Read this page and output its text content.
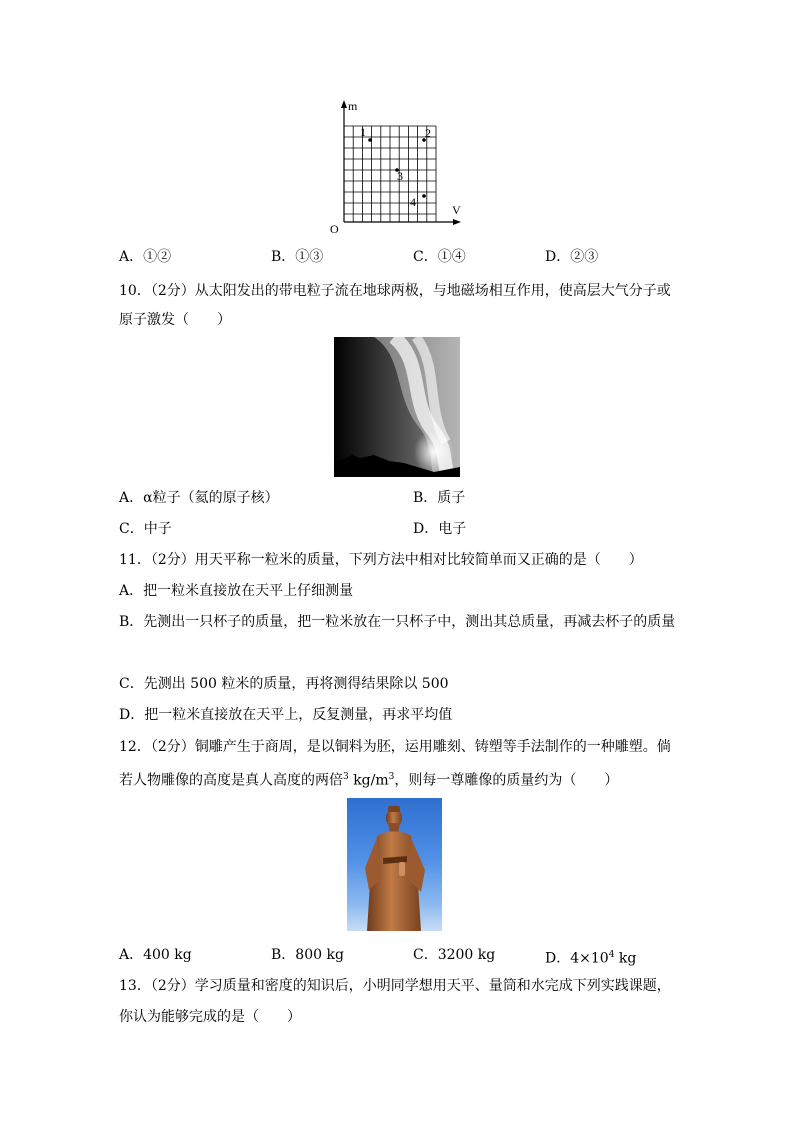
m
V
O
1	2
3
4
A．①②	B．①③	C．①④	D．②③
10．（2分）从太阳发出的带电粒子流在地球两极，与地磁场相互作用，使高层大气分子或
原子激发（　　）
A．α粒子（氦的原子核）	B．质子
C．中子	D．电子
11．（2分）用天平称一粒米的质量，下列方法中相对比较简单而又正确的是（　　）
A．把一粒米直接放在天平上仔细测量
B．先测出一只杯子的质量，把一粒米放在一只杯子中，测出其总质量，再减去杯子的质量
C．先测出 500 粒米的质量，再将测得结果除以 500
D．把一粒米直接放在天平上，反复测量，再求平均值
12．（2分）铜雕产生于商周，是以铜料为胚，运用雕刻、铸塑等手法制作的一种雕塑。倘
若人物雕像的高度是真人高度的两倍$^3$ $kg/m^3$，则每一尊雕像的质量约为（　　）
A．400 kg	B．800 kg	C．3200 kg	D．$4\times 10^4$ kg
13．（2分）学习质量和密度的知识后，小明同学想用天平、量筒和水完成下列实践课题，
你认为能够完成的是（　　）
